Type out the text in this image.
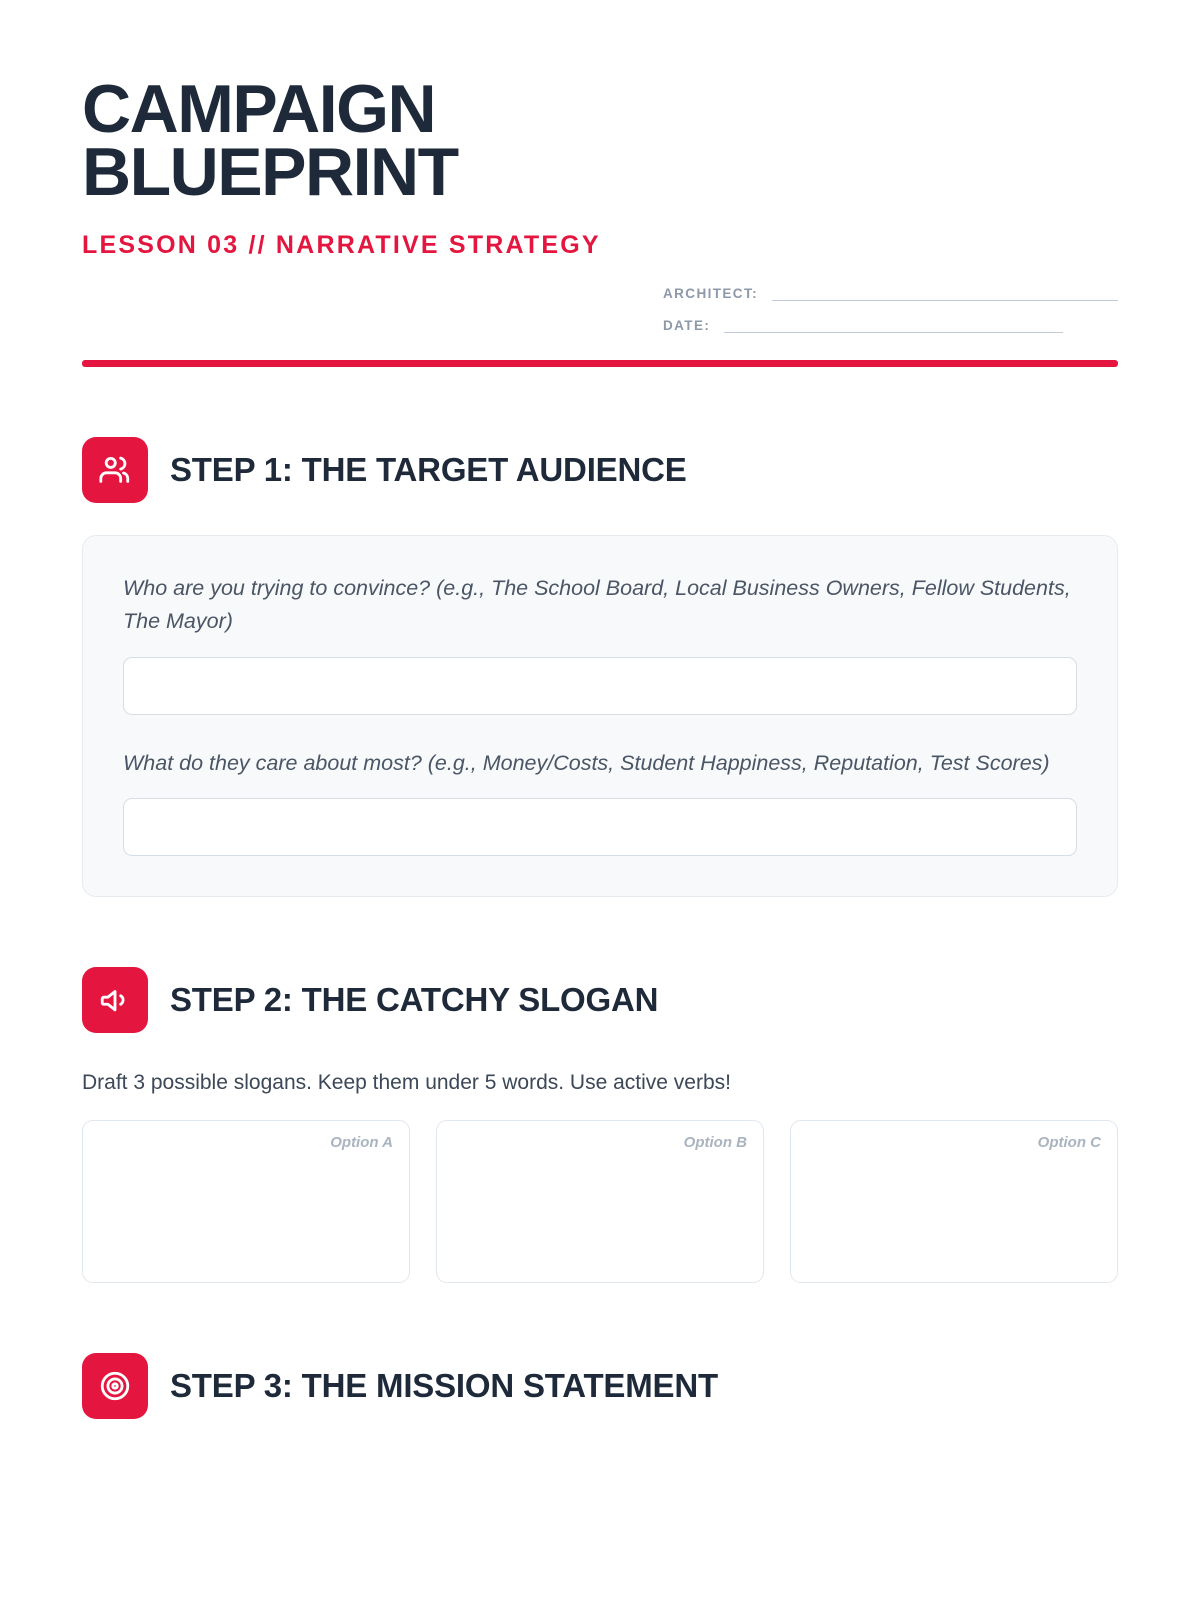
CAMPAIGN BLUEPRINT
LESSON 03 // NARRATIVE STRATEGY
ARCHITECT:
DATE:
STEP 1: THE TARGET AUDIENCE

Who are you trying to convince? (e.g., The School Board, Local Business Owners, Fellow Students, The Mayor)

What do they care about most? (e.g., Money/Costs, Student Happiness, Reputation, Test Scores)

STEP 2: THE CATCHY SLOGAN
Draft 3 possible slogans. Keep them under 5 words. Use active verbs!
Option A	Option B	Option C
STEP 3: THE MISSION STATEMENT
